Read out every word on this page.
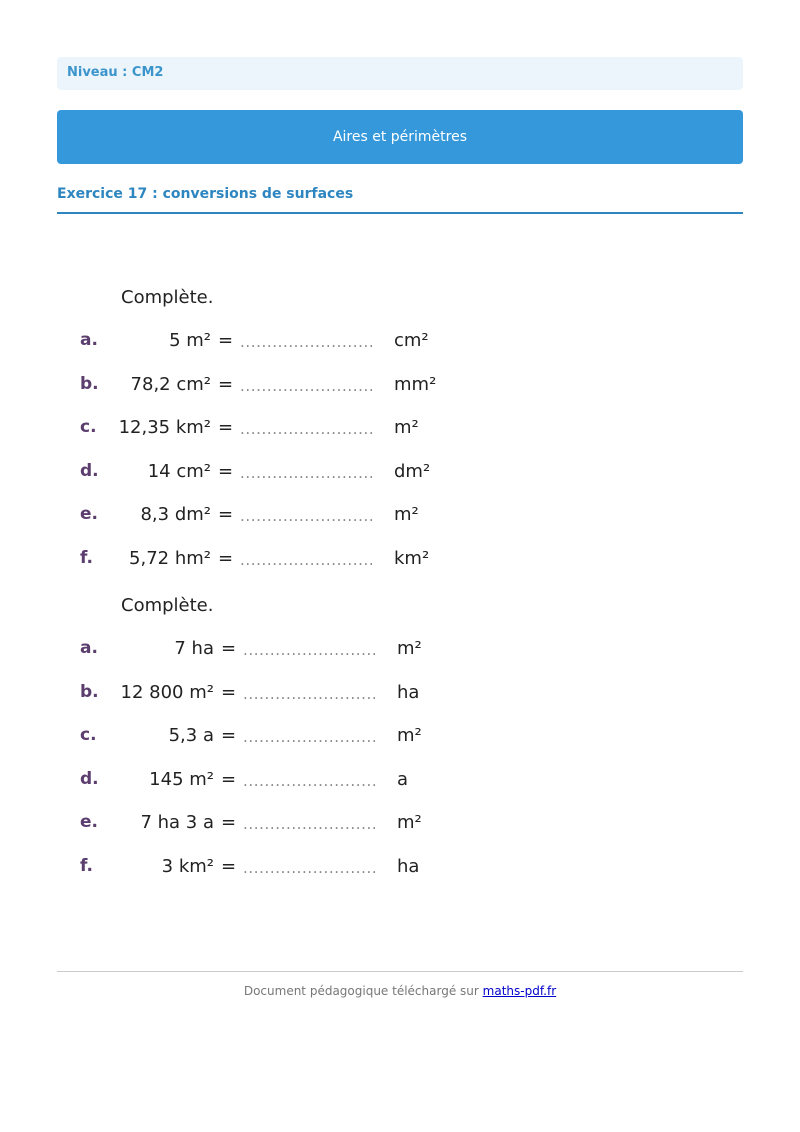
Niveau : CM2
Aires et périmètres
Exercice 17 : conversions de surfaces
Complète.
a.	5 m² = ......................... cm²
b. 78,2 cm² = ......................... mm²
c. 12,35 km² = ......................... m²
d.	14 cm² = ......................... dm²
e. 8,3 dm² = ......................... m²
f. 5,72 hm² = ......................... km²
Complète.
a.	7 ha = ......................... m²
b. 12 800 m² = ......................... ha
c.	5,3 a = ......................... m²
d.	145 m² = ......................... a
e. 7 ha 3 a = ......................... m²
f.	3 km² = ......................... ha
Document pédagogique téléchargé sur maths-pdf.fr
